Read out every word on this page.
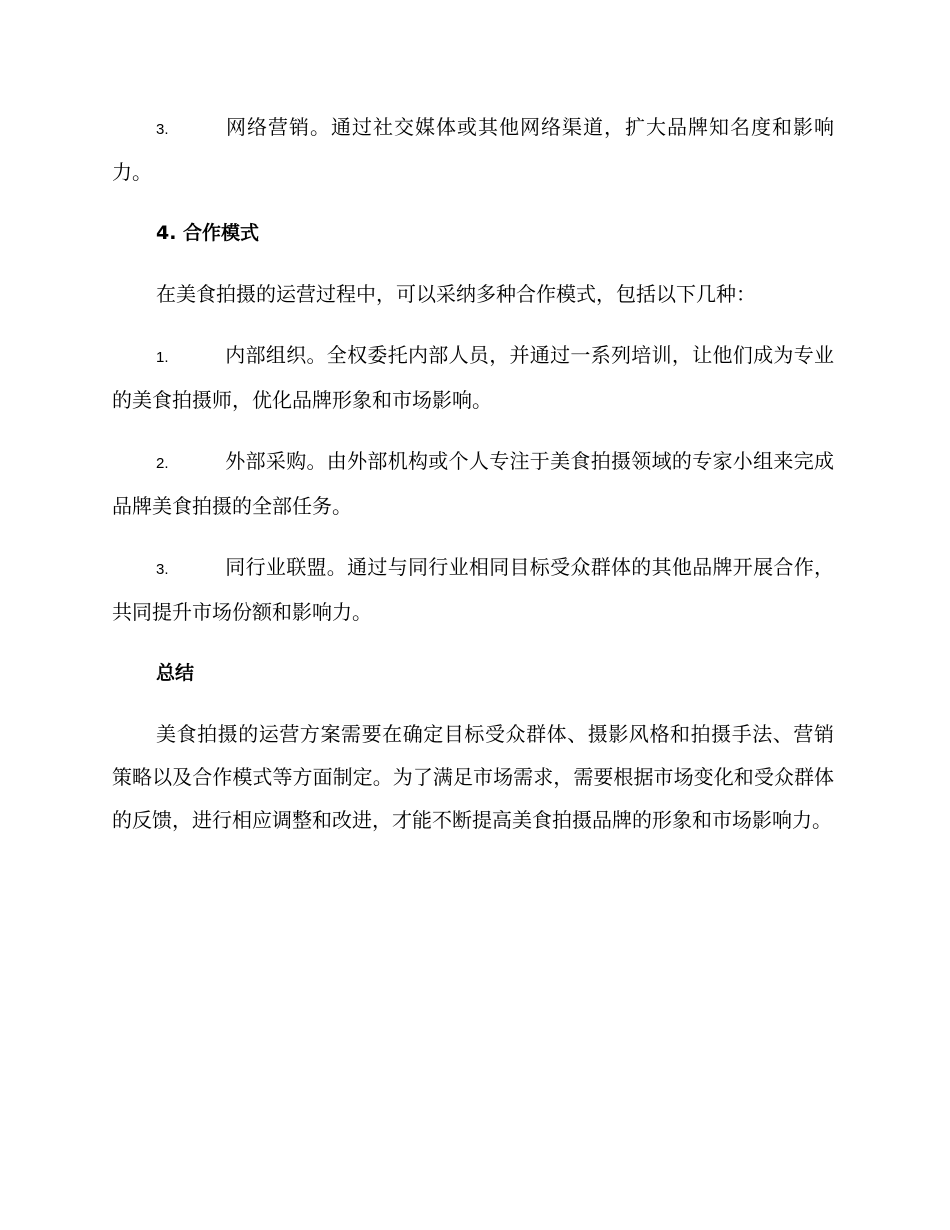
3.	网络营销。通过社交媒体或其他网络渠道，扩大品牌知名度和影响力。

4. 合作模式

在美食拍摄的运营过程中，可以采纳多种合作模式，包括以下几种：

1.	内部组织。全权委托内部人员，并通过一系列培训，让他们成为专业的美食拍摄师，优化品牌形象和市场影响。

2.	外部采购。由外部机构或个人专注于美食拍摄领域的专家小组来完成品牌美食拍摄的全部任务。

3.	同行业联盟。通过与同行业相同目标受众群体的其他品牌开展合作，共同提升市场份额和影响力。

总结

美食拍摄的运营方案需要在确定目标受众群体、摄影风格和拍摄手法、营销策略以及合作模式等方面制定。为了满足市场需求，需要根据市场变化和受众群体的反馈，进行相应调整和改进，才能不断提高美食拍摄品牌的形象和市场影响力。
